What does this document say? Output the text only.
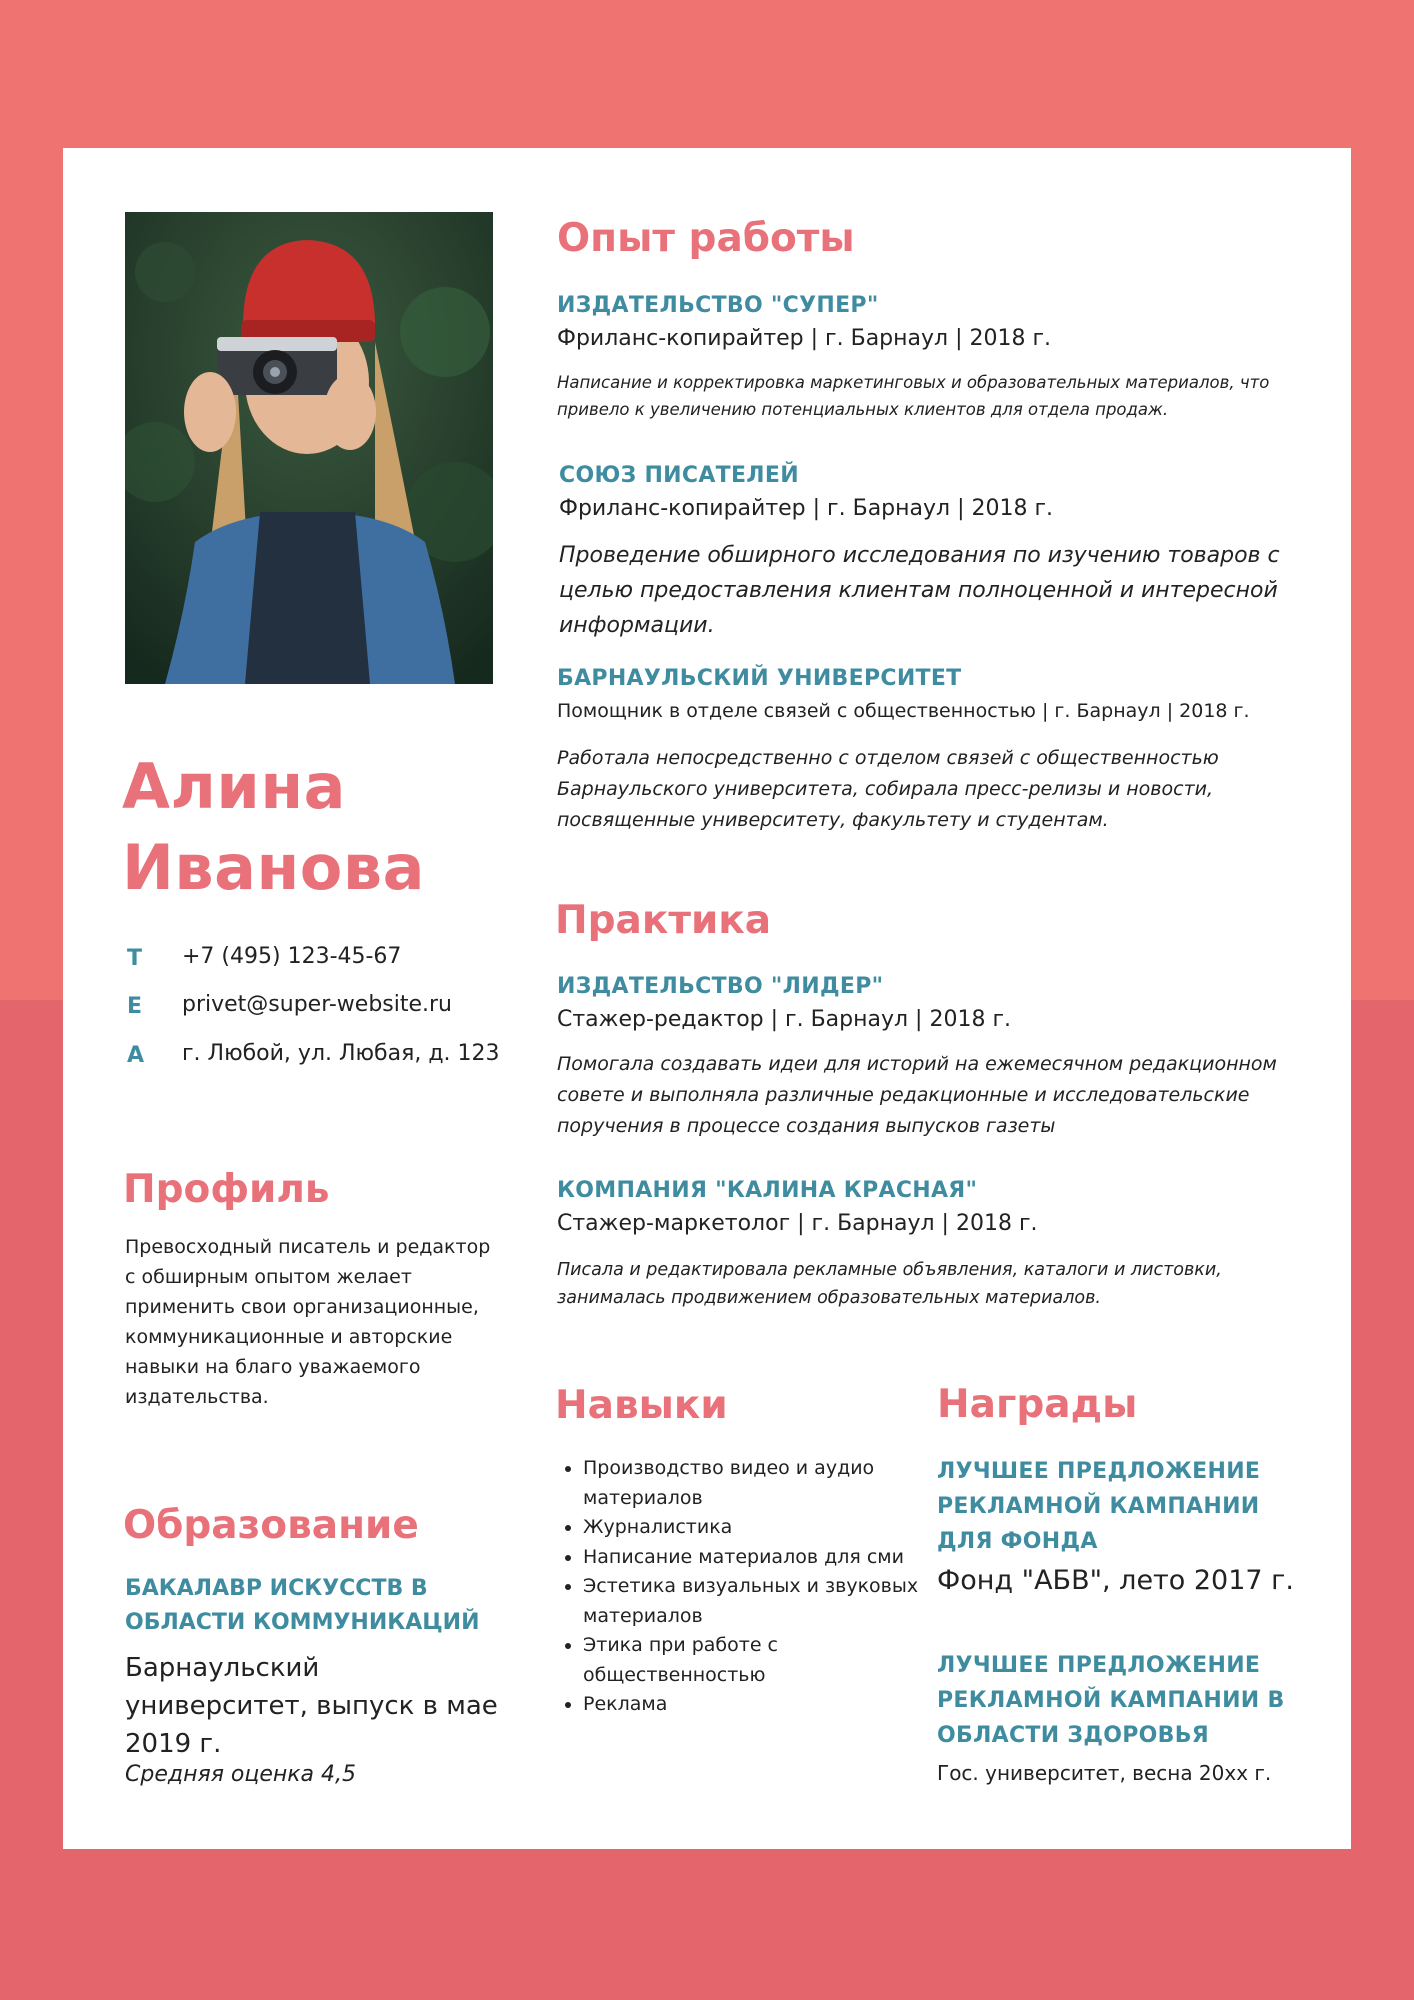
Алина
Иванова
T +7 (495) 123-45-67
E privet@super-website.ru
A г. Любой, ул. Любая, д. 123
Профиль
Превосходный писатель и редактор с обширным опытом желает применить свои организационные, коммуникационные и авторские навыки на благо уважаемого издательства.
Образование
БАКАЛАВР ИСКУССТВ В ОБЛАСТИ КОММУНИКАЦИЙ
Барнаульский университет, выпуск в мае 2019 г.
Средняя оценка 4,5
Опыт работы
ИЗДАТЕЛЬСТВО "СУПЕР"
Фриланс-копирайтер | г. Барнаул | 2018 г.
Написание и корректировка маркетинговых и образовательных материалов, что привело к увеличению потенциальных клиентов для отдела продаж.
СОЮЗ ПИСАТЕЛЕЙ
Фриланс-копирайтер | г. Барнаул | 2018 г.
Проведение обширного исследования по изучению товаров с целью предоставления клиентам полноценной и интересной информации.
БАРНАУЛЬСКИЙ УНИВЕРСИТЕТ
Помощник в отделе связей с общественностью | г. Барнаул | 2018 г.
Работала непосредственно с отделом связей с общественностью Барнаульского университета, собирала пресс-релизы и новости, посвященные университету, факультету и студентам.
Практика
ИЗДАТЕЛЬСТВО "ЛИДЕР"
Стажер-редактор | г. Барнаул | 2018 г.
Помогала создавать идеи для историй на ежемесячном редакционном совете и выполняла различные редакционные и исследовательские поручения в процессе создания выпусков газеты
КОМПАНИЯ "КАЛИНА КРАСНАЯ"
Стажер-маркетолог | г. Барнаул | 2018 г.
Писала и редактировала рекламные объявления, каталоги и листовки, занималась продвижением образовательных материалов.
Навыки
• Производство видео и аудио материалов
• Журналистика
• Написание материалов для сми
• Эстетика визуальных и звуковых материалов
• Этика при работе с общественностью
• Реклама
Награды
ЛУЧШЕЕ ПРЕДЛОЖЕНИЕ РЕКЛАМНОЙ КАМПАНИИ ДЛЯ ФОНДА
Фонд "АБВ", лето 2017 г.
ЛУЧШЕЕ ПРЕДЛОЖЕНИЕ РЕКЛАМНОЙ КАМПАНИИ В ОБЛАСТИ ЗДОРОВЬЯ
Гос. университет, весна 20хх г.
